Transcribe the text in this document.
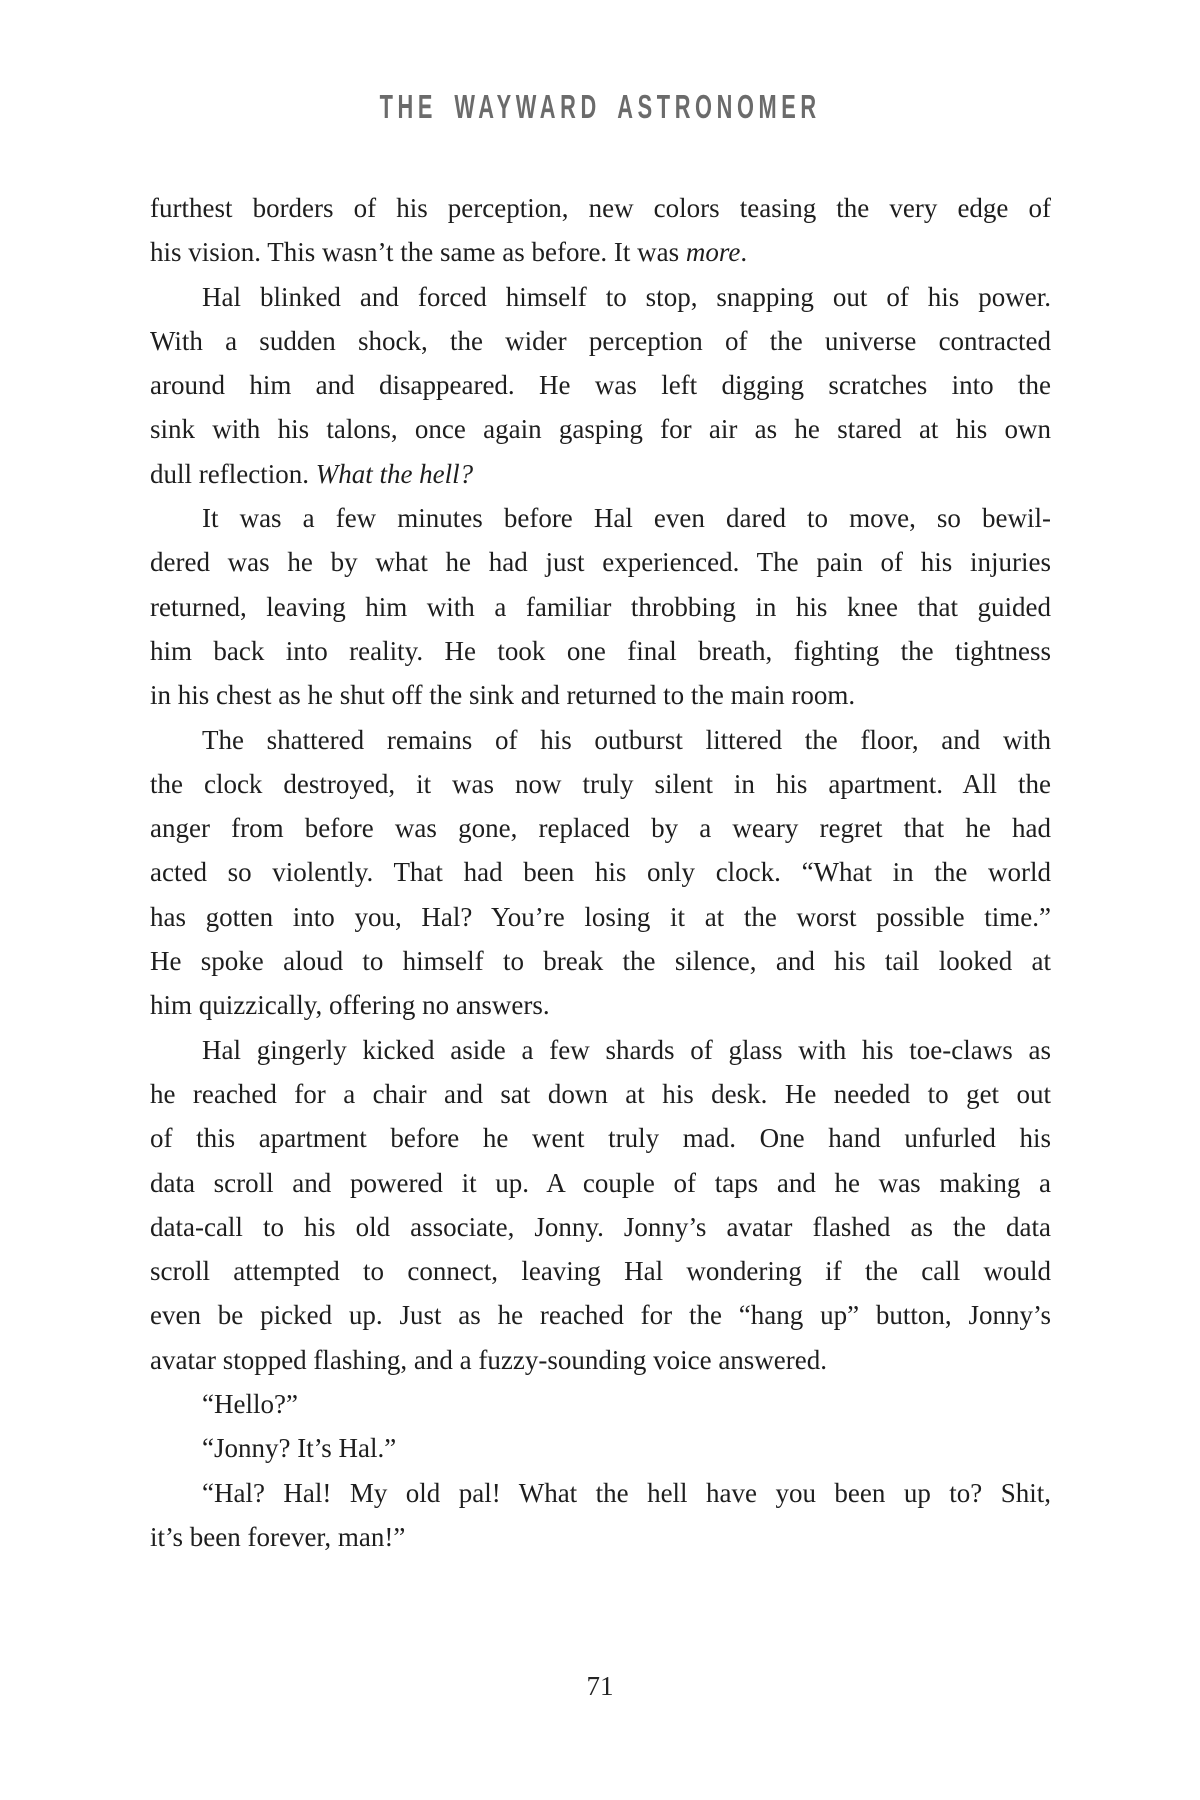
THE WAYWARD ASTRONOMER
furthest borders of his perception, new colors teasing the very edge of
his vision. This wasn’t the same as before. It was more.
Hal blinked and forced himself to stop, snapping out of his power.
With a sudden shock, the wider perception of the universe contracted
around him and disappeared. He was left digging scratches into the
sink with his talons, once again gasping for air as he stared at his own
dull reflection. What the hell?
It was a few minutes before Hal even dared to move, so bewil-
dered was he by what he had just experienced. The pain of his injuries
returned, leaving him with a familiar throbbing in his knee that guided
him back into reality. He took one final breath, fighting the tightness
in his chest as he shut off the sink and returned to the main room.
The shattered remains of his outburst littered the floor, and with
the clock destroyed, it was now truly silent in his apartment. All the
anger from before was gone, replaced by a weary regret that he had
acted so violently. That had been his only clock. “What in the world
has gotten into you, Hal? You’re losing it at the worst possible time.”
He spoke aloud to himself to break the silence, and his tail looked at
him quizzically, offering no answers.
Hal gingerly kicked aside a few shards of glass with his toe-claws as
he reached for a chair and sat down at his desk. He needed to get out
of this apartment before he went truly mad. One hand unfurled his
data scroll and powered it up. A couple of taps and he was making a
data-call to his old associate, Jonny. Jonny’s avatar flashed as the data
scroll attempted to connect, leaving Hal wondering if the call would
even be picked up. Just as he reached for the “hang up” button, Jonny’s
avatar stopped flashing, and a fuzzy-sounding voice answered.
“Hello?”
“Jonny? It’s Hal.”
“Hal? Hal! My old pal! What the hell have you been up to? Shit,
it’s been forever, man!”
71
